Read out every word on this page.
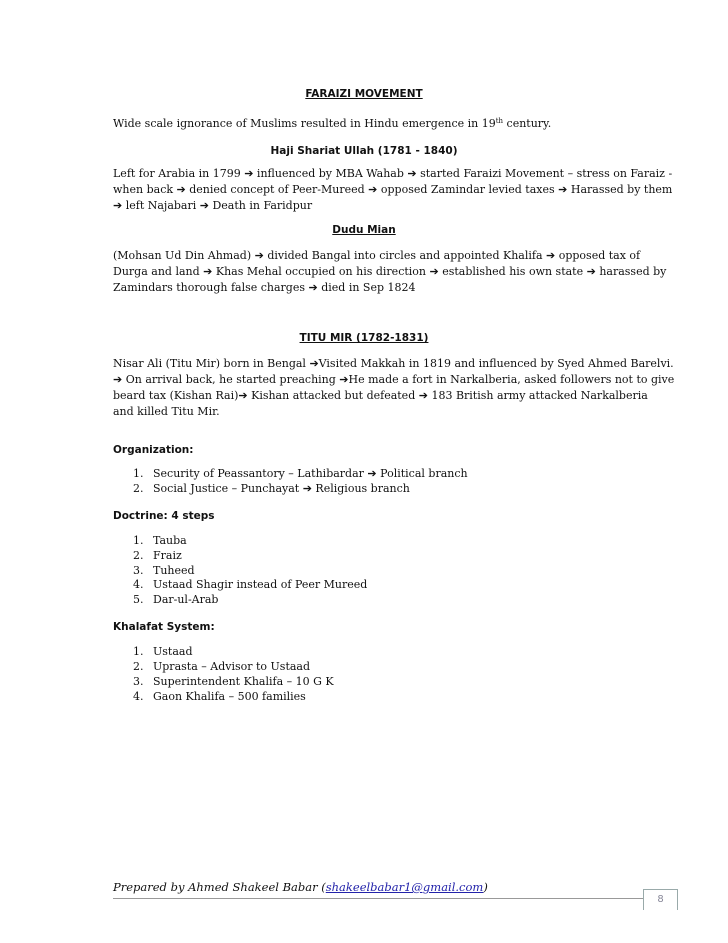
FARAIZI MOVEMENT
Wide scale ignorance of Muslims resulted in Hindu emergence in 19th century.
Haji Shariat Ullah (1781 - 1840)
Left for Arabia in 1799 ➔ influenced by MBA Wahab ➔ started Faraizi Movement – stress on Faraiz -
when back ➔ denied concept of Peer-Mureed ➔ opposed Zamindar levied taxes ➔ Harassed by them
➔ left Najabari ➔ Death in Faridpur
Dudu Mian
(Mohsan Ud Din Ahmad) ➔ divided Bangal into circles and appointed Khalifa ➔ opposed tax of
Durga and land ➔ Khas Mehal occupied on his direction ➔ established his own state ➔ harassed by
Zamindars thorough false charges ➔ died in Sep 1824
TITU MIR (1782-1831)
Nisar Ali (Titu Mir) born in Bengal ➔Visited Makkah in 1819 and influenced by Syed Ahmed Barelvi.
➔ On arrival back, he started preaching ➔He made a fort in Narkalberia, asked followers not to give
beard tax (Kishan Rai)➔ Kishan attacked but defeated ➔ 183 British army attacked Narkalberia
and killed Titu Mir.
Organization:
1. Security of Peassantory – Lathibardar ➔ Political branch
2. Social Justice – Punchayat ➔ Religious branch
Doctrine: 4 steps
1. Tauba
2. Fraiz
3. Tuheed
4. Ustaad Shagir instead of Peer Mureed
5. Dar-ul-Arab
Khalafat System:
1. Ustaad
2. Uprasta – Advisor to Ustaad
3. Superintendent Khalifa – 10 G K
4. Gaon Khalifa – 500 families
Prepared by Ahmed Shakeel Babar (shakeelbabar1@gmail.com)
8
